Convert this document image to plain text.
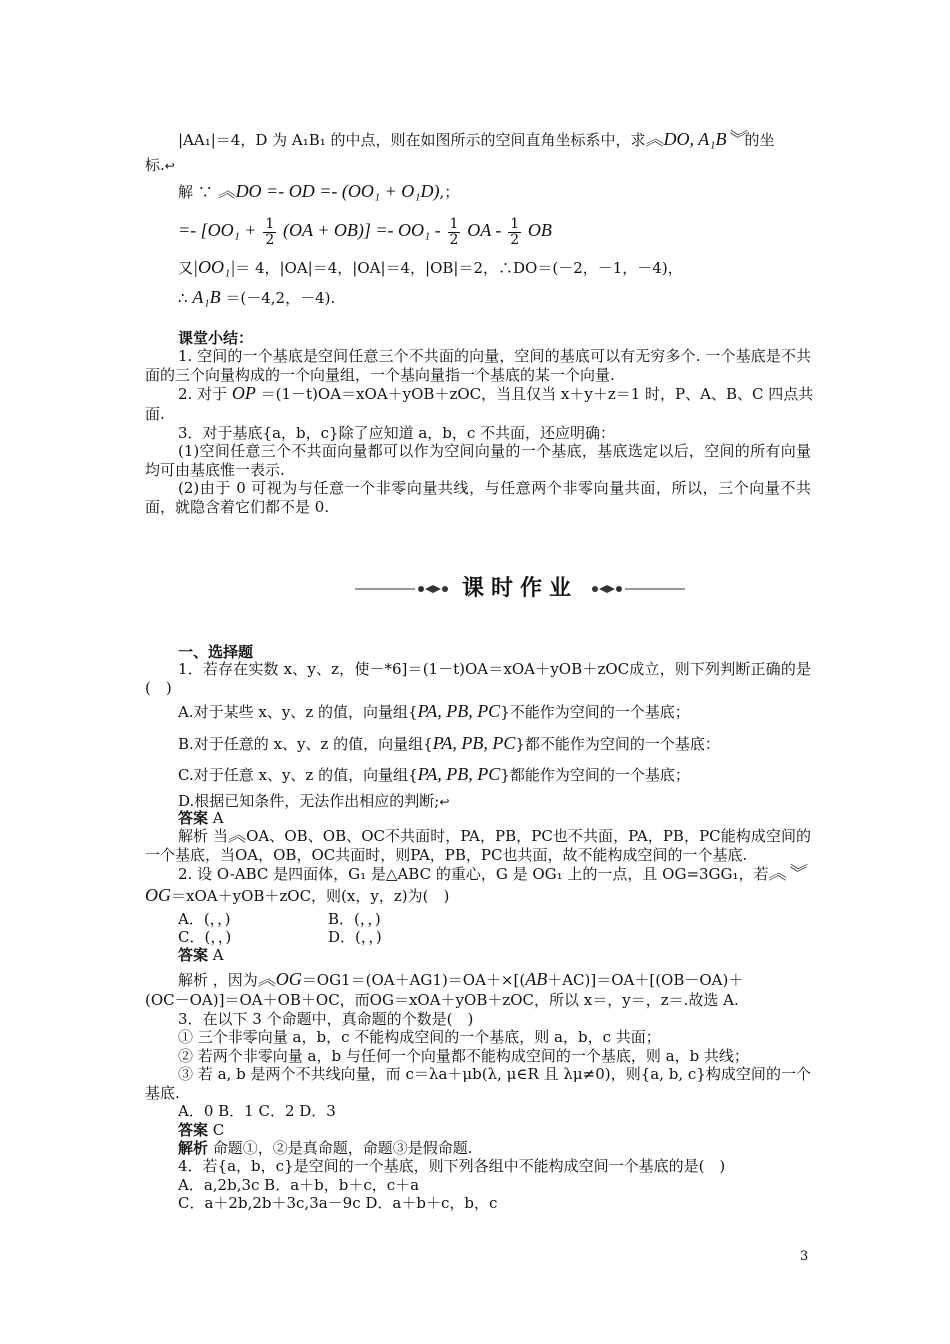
|AA₁|＝4，D 为 A₁B₁ 的中点，则在如图所示的空间直角坐标系中，求︽DO, A₁B︾的坐
标.↩
解 ∵ ︽DO =- OD =- (OO₁ + O₁D),；
=- $[OO_1 + \frac{1}{2} (OA + OB)] =- OO_1 - \frac{1}{2}$ OA - $\frac{1}{2}$ OB
又|OO₁|＝ 4，|OA|＝4，|OA|＝4，|OB|＝2，∴DO＝(－2，－1，－4)，
∴ A₁B ＝(－4,2，－4).
课堂小结：
1. 空间的一个基底是空间任意三个不共面的向量，空间的基底可以有无穷多个. 一个基底是不共面的三个向量构成的一个向量组，一个基向量指一个基底的某一个向量.
2. 对于 OP ＝(1－t)OA＝xOA＋yOB＋zOC，当且仅当 x＋y＋z＝1 时，P、A、B、C 四点共
面.
3．对于基底{a，b，c}除了应知道 a，b，c 不共面，还应明确：
(1)空间任意三个不共面向量都可以作为空间向量的一个基底，基底选定以后，空间的所有向量均可由基底惟一表示.
(2)由于 0 可视为与任意一个非零向量共线，与任意两个非零向量共面，所以，三个向量不共面，就隐含着它们都不是 0.
课时作业
一、选择题
1．若存在实数 x、y、z，使－*6]＝(1－t)OA＝xOA＋yOB＋zOC成立，则下列判断正确的是(　)
A.对于某些 x、y、z 的值，向量组{PA, PB, PC}不能作为空间的一个基底；
B.对于任意的 x、y、z 的值，向量组{PA, PB, PC}都不能作为空间的一个基底：
C.对于任意 x、y、z 的值，向量组{PA, PB, PC}都能作为空间的一个基底；
D.根据已知条件，无法作出相应的判断;↩
答案 A
解析 当︽OA、OB、OB、OC不共面时，PA，PB，PC也不共面，PA，PB，PC能构成空间的一个基底，当OA，OB，OC共面时，则PA，PB，PC也共面，故不能构成空间的一个基底.
2. 设 O-ABC 是四面体，G₁ 是△ABC 的重心，G 是 OG₁ 上的一点，且 OG=3GG₁，若︽︾
OG＝xOA＋yOB＋zOC，则(x，y，z)为(　)
A．(，，)	B．(，，)
C．(，，)	D．(，，)
答案 A
解析 ，因为︽OG＝OG1＝(OA＋AG1)＝OA＋×[(AB＋AC)]＝OA＋[(OB－OA)＋
(OC－OA)]＝OA＋OB＋OC，而OG＝xOA＋yOB＋zOC，所以 x＝，y＝，z＝.故选 A.
3．在以下 3 个命题中，真命题的个数是(　)
① 三个非零向量 a，b，c 不能构成空间的一个基底，则 a，b，c 共面；
② 若两个非零向量 a，b 与任何一个向量都不能构成空间的一个基底，则 a，b 共线；
③ 若 a, b 是两个不共线向量，而 c＝λa＋μb(λ, μ∈R 且 λμ≠0)，则{a, b, c}构成空间的一个基底.
A．0 B．1 C．2 D．3
答案 C
解析 命题①，②是真命题，命题③是假命题.
4．若{a，b，c}是空间的一个基底，则下列各组中不能构成空间一个基底的是(　)
A．a,2b,3c B．a＋b，b＋c，c＋a
C．a＋2b,2b＋3c,3a－9c D．a＋b＋c，b，c
3
